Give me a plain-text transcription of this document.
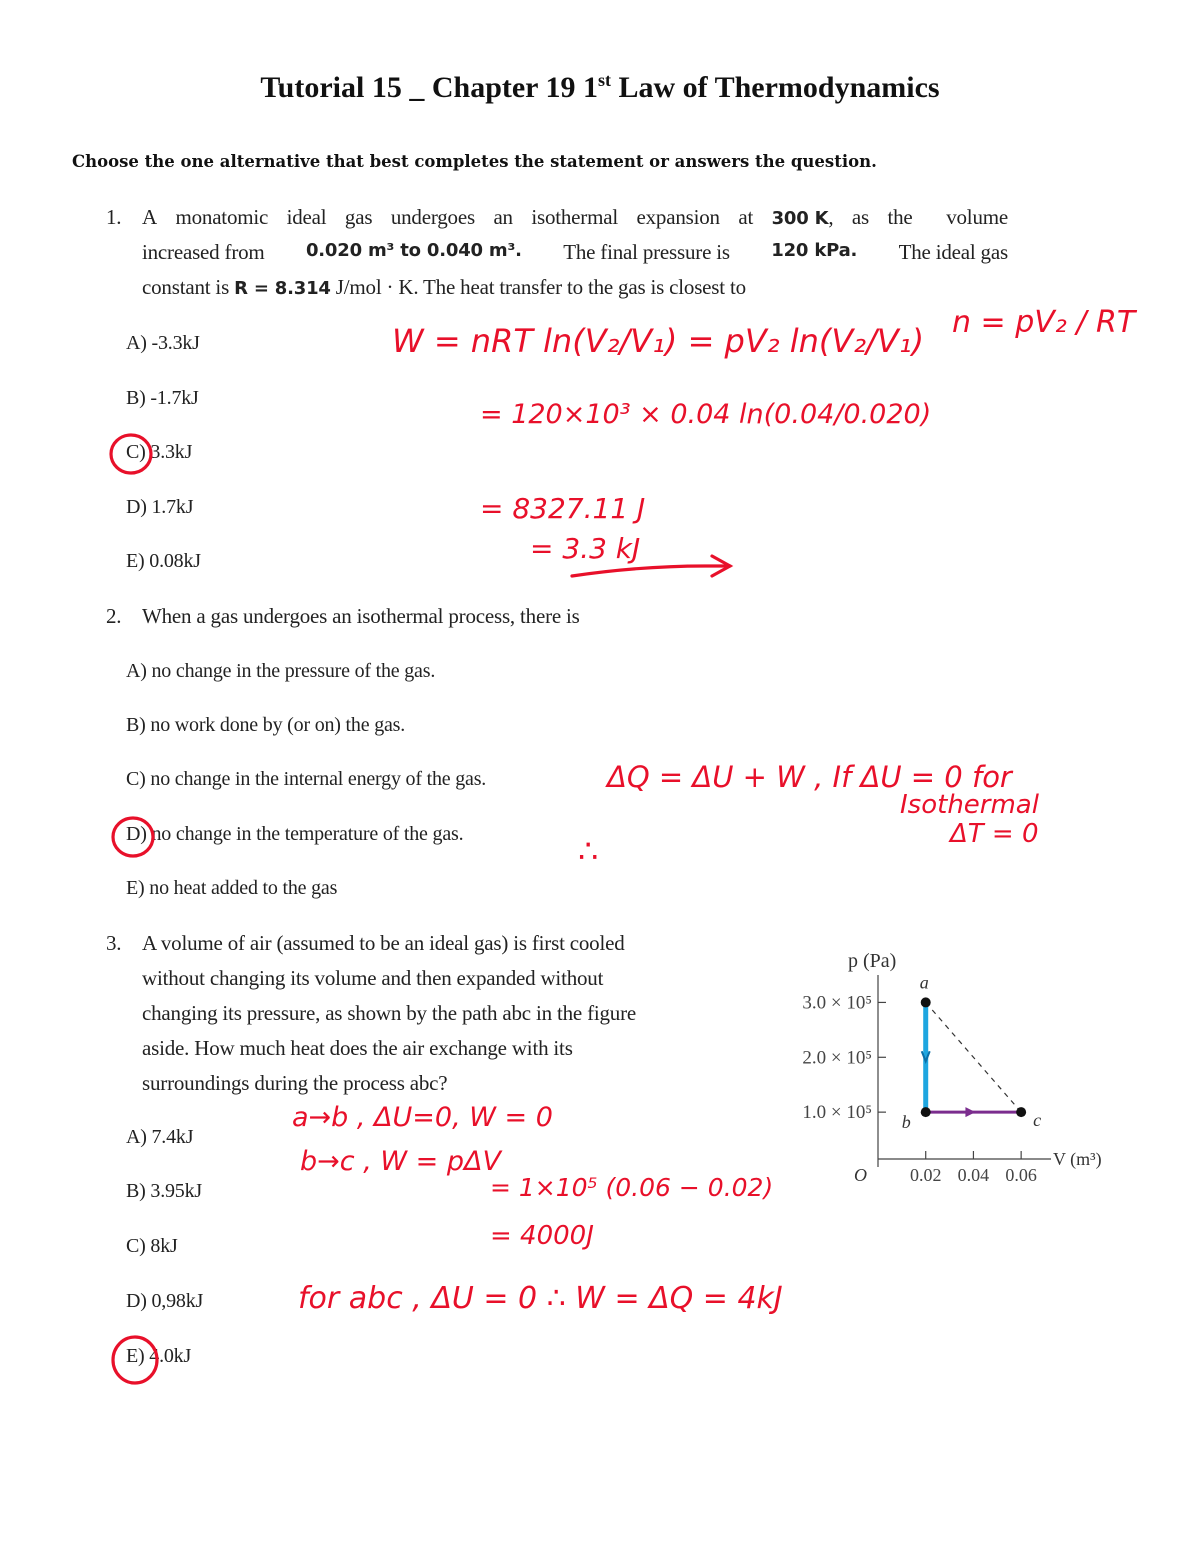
Tutorial 15 _ Chapter 19 1st Law of Thermodynamics
Choose the one alternative that best completes the statement or answers the question.
1. A monatomic ideal gas undergoes an isothermal expansion at 300 K, as the	volume
increased from 0.020 m³ to 0.040 m³. The final pressure is 120 kPa. The ideal gas
constant is R = 8.314 J/mol · K. The heat transfer to the gas is closest to
A) -3.3kJ
B) -1.7kJ
C) 3.3kJ
D) 1.7kJ
E) 0.08kJ
2. When a gas undergoes an isothermal process, there is
A) no change in the pressure of the gas.
B) no work done by (or on) the gas.
C) no change in the internal energy of the gas.
D) no change in the temperature of the gas.
E) no heat added to the gas
3. A volume of air (assumed to be an ideal gas) is first cooled
without changing its volume and then expanded without
changing its pressure, as shown by the path abc in the figure
aside. How much heat does the air exchange with its
surroundings during the process abc?
A) 7.4kJ
B) 3.95kJ
C) 8kJ
D) 0,98kJ
E) 4.0kJ
p (Pa)
V (m³)
O
3.0 × 10⁵
2.0 × 10⁵
1.0 × 10⁵
0.02 0.04 0.06
a
b	c
W = nRT ln(V₂/V₁) = pV₂ ln(V₂/V₁) n = pV₂ / RT
= 120×10³ × 0.04 ln(0.04/0.020)
= 8327.11 J
= 3.3 kJ
ΔQ = ΔU + W , If ΔU = 0 for
Isothermal
ΔT = 0
∴
a→b , ΔU=0, W = 0
b→c , W = pΔV
= 1×10⁵ (0.06 − 0.02)
= 4000J
for abc , ΔU = 0 ∴ W = ΔQ = 4kJ
